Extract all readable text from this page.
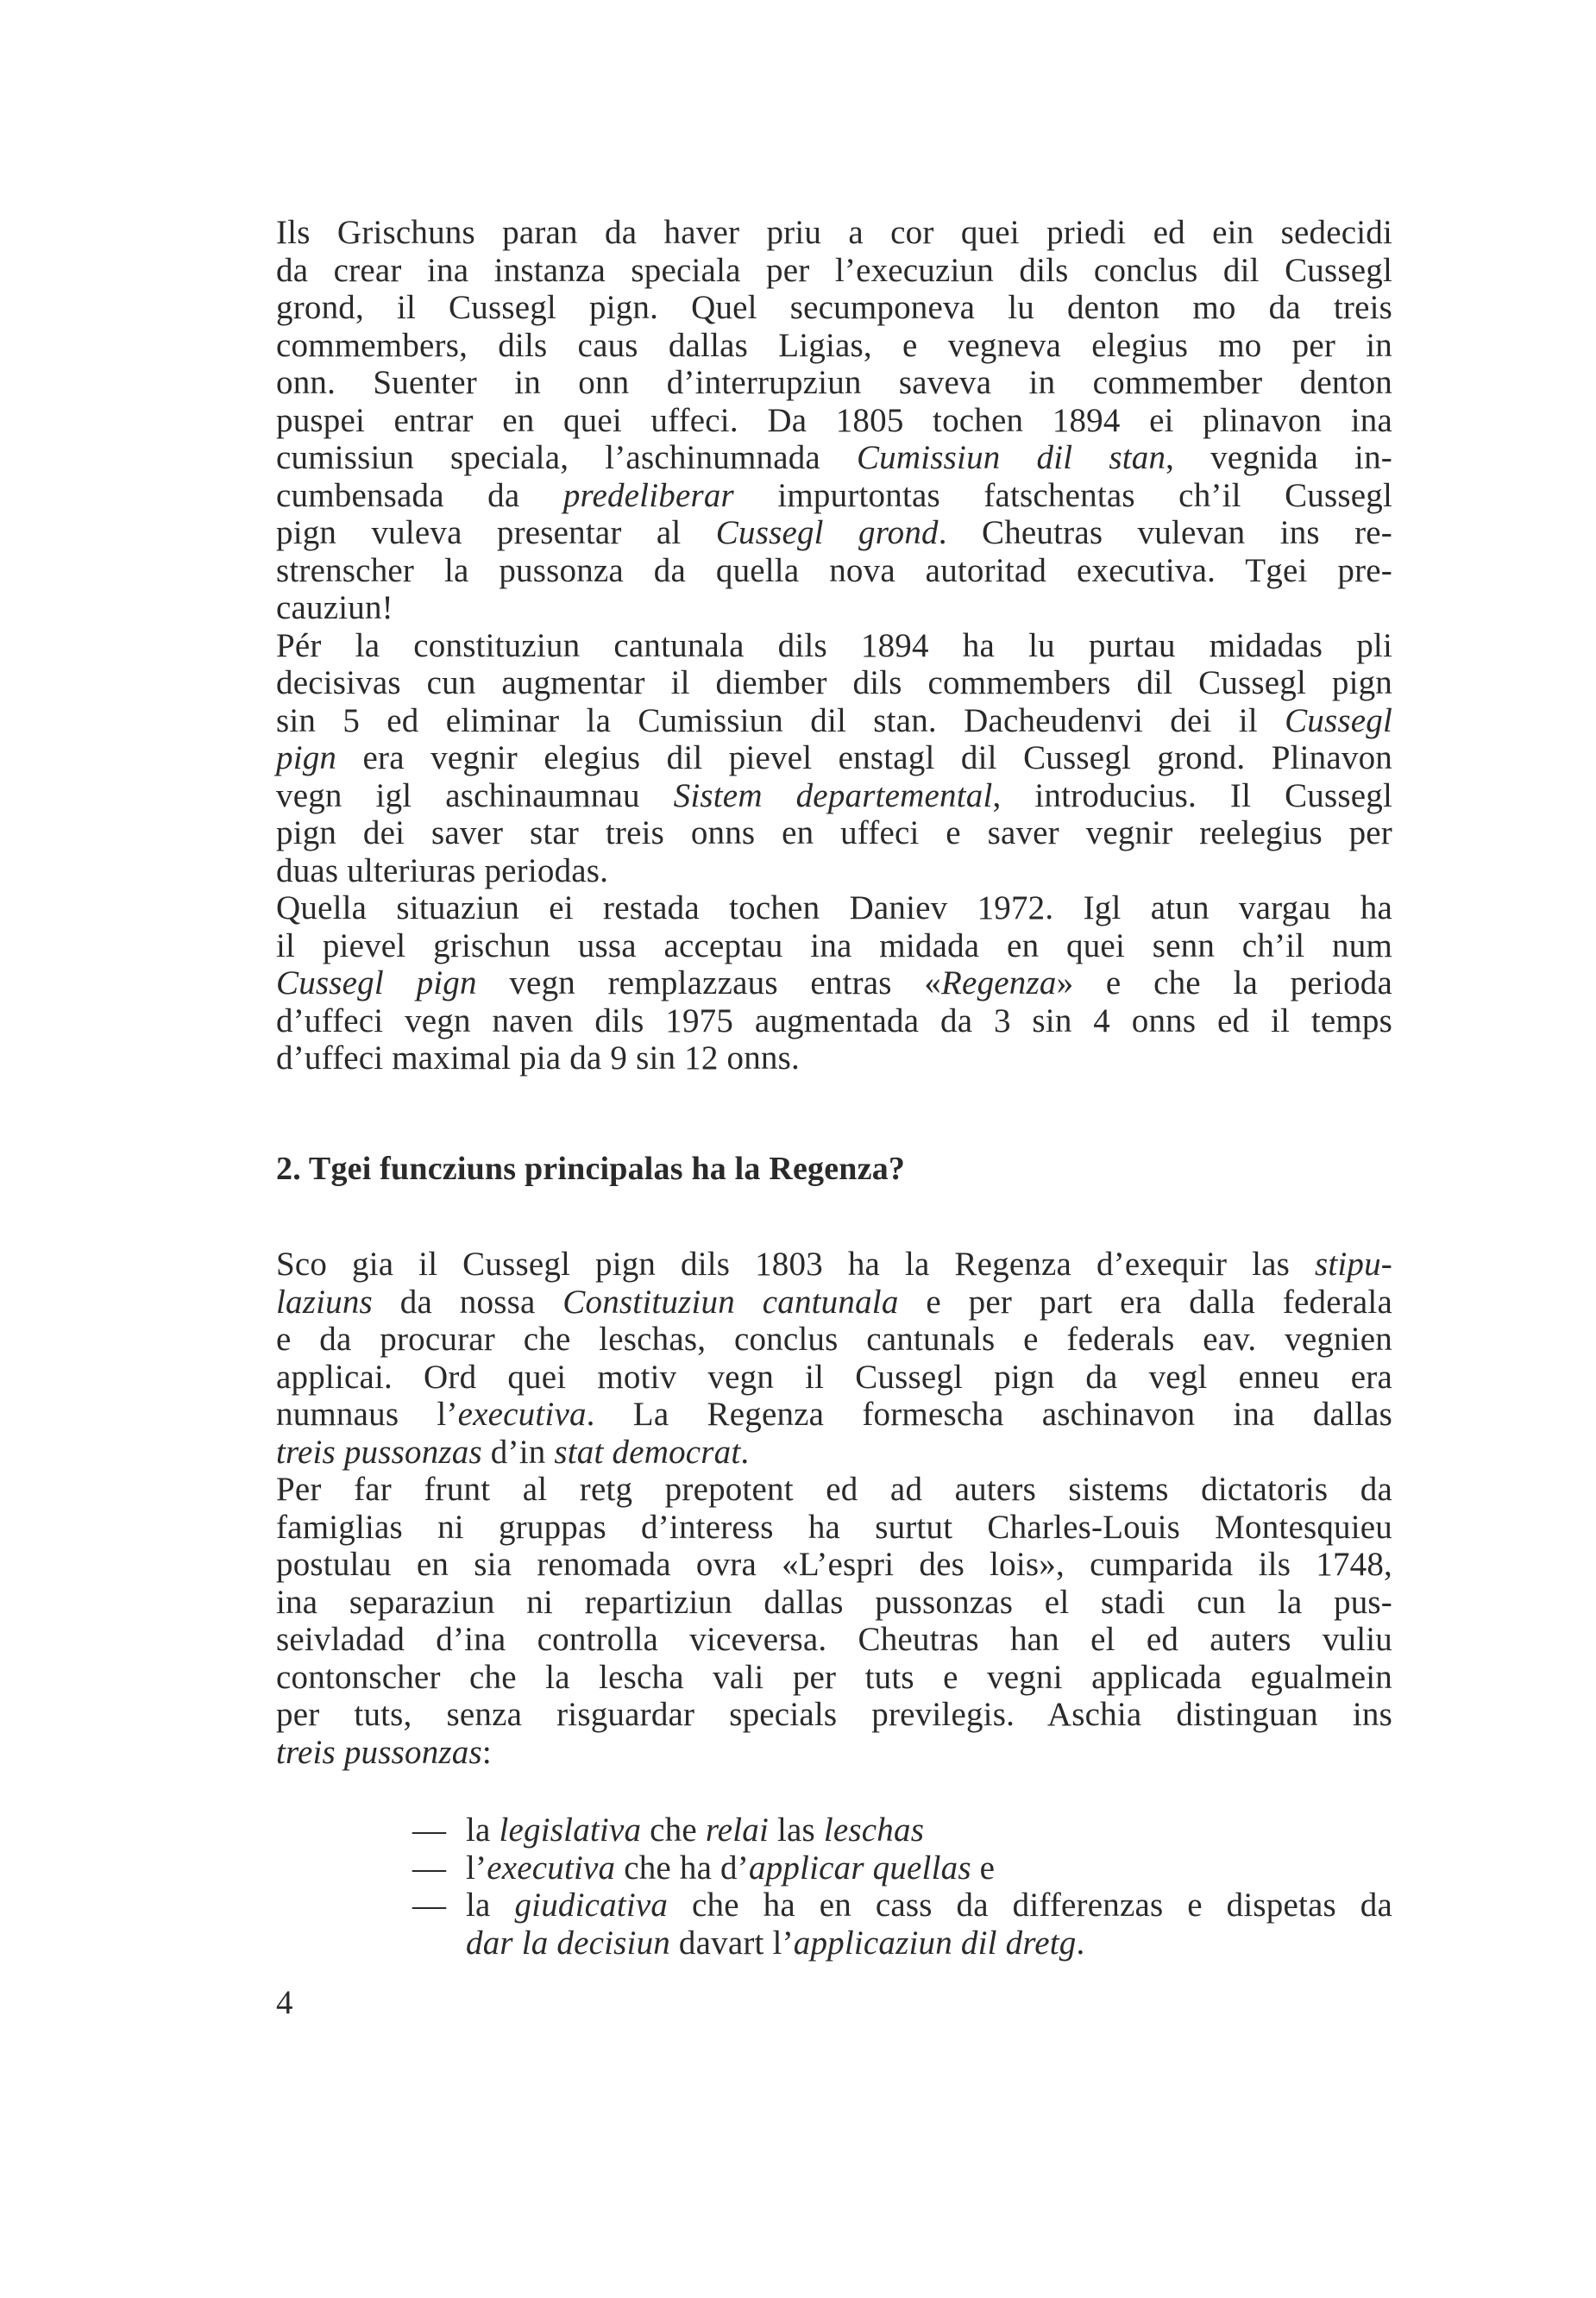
Ils Grischuns paran da haver priu a cor quei priedi ed ein sedecidi
da crear ina instanza speciala per l’execuziun dils conclus dil Cussegl
grond, il Cussegl pign. Quel secumponeva lu denton mo da treis
commembers, dils caus dallas Ligias, e vegneva elegius mo per in
onn. Suenter in onn d’interrupziun saveva in commember denton
puspei entrar en quei uffeci. Da 1805 tochen 1894 ei plinavon ina
cumissiun speciala, l’aschinumnada Cumissiun dil stan, vegnida in-
cumbensada da predeliberar impurtontas fatschentas ch’il Cussegl
pign vuleva presentar al Cussegl grond. Cheutras vulevan ins re-
strenscher la pussonza da quella nova autoritad executiva. Tgei pre-
cauziun!
Pér la constituziun cantunala dils 1894 ha lu purtau midadas pli
decisivas cun augmentar il diember dils commembers dil Cussegl pign
sin 5 ed eliminar la Cumissiun dil stan. Dacheudenvi dei il Cussegl
pign era vegnir elegius dil pievel enstagl dil Cussegl grond. Plinavon
vegn igl aschinaumnau Sistem departemental, introducius. Il Cussegl
pign dei saver star treis onns en uffeci e saver vegnir reelegius per
duas ulteriuras periodas.
Quella situaziun ei restada tochen Daniev 1972. Igl atun vargau ha
il pievel grischun ussa acceptau ina midada en quei senn ch’il num
Cussegl pign vegn remplazzaus entras «Regenza» e che la perioda
d’uffeci vegn naven dils 1975 augmentada da 3 sin 4 onns ed il temps
d’uffeci maximal pia da 9 sin 12 onns.
2. Tgei funcziuns principalas ha la Regenza?
Sco gia il Cussegl pign dils 1803 ha la Regenza d’exequir las stipu-
laziuns da nossa Constituziun cantunala e per part era dalla federala
e da procurar che leschas, conclus cantunals e federals eav. vegnien
applicai. Ord quei motiv vegn il Cussegl pign da vegl enneu era
numnaus l’executiva. La Regenza formescha aschinavon ina dallas
treis pussonzas d’in stat democrat.
Per far frunt al retg prepotent ed ad auters sistems dictatoris da
famiglias ni gruppas d’interess ha surtut Charles-Louis Montesquieu
postulau en sia renomada ovra «L’espri des lois», cumparida ils 1748,
ina separaziun ni repartiziun dallas pussonzas el stadi cun la pus-
seivladad d’ina controlla viceversa. Cheutras han el ed auters vuliu
contonscher che la lescha vali per tuts e vegni applicada egualmein
per tuts, senza risguardar specials previlegis. Aschia distinguan ins
treis pussonzas:
— la legislativa che relai las leschas
— l’executiva che ha d’applicar quellas e
— la giudicativa che ha en cass da differenzas e dispetas da
dar la decisiun davart l’applicaziun dil dretg.
4
